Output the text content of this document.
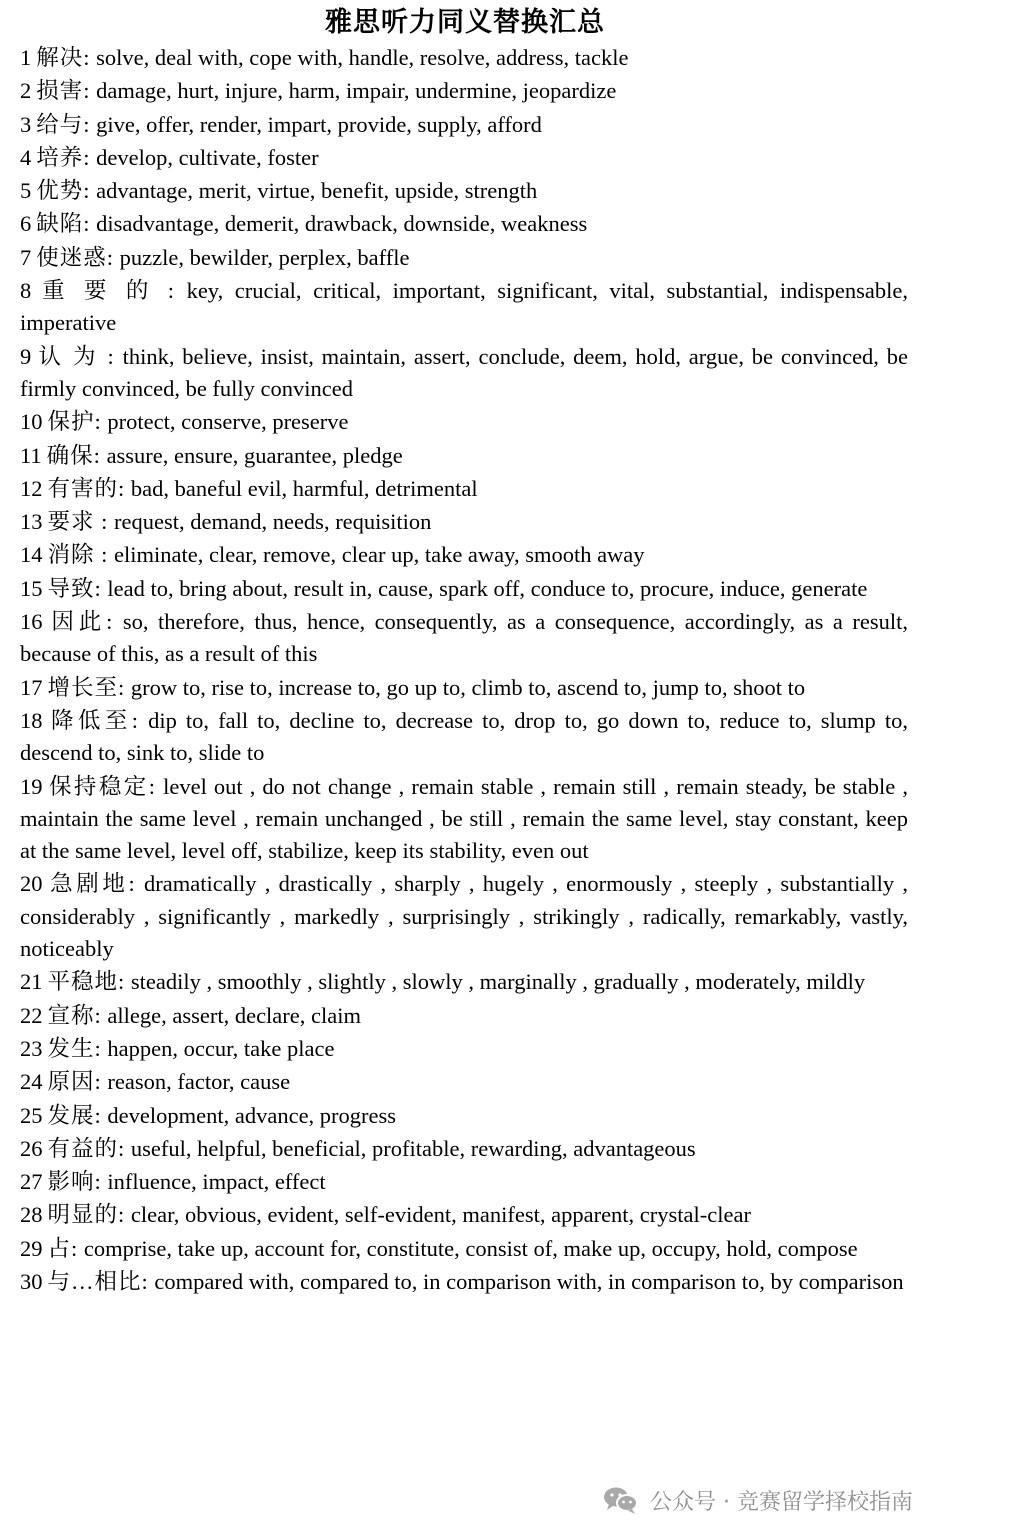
雅思听力同义替换汇总
1 解决: solve, deal with, cope with, handle, resolve, address, tackle
2 损害: damage, hurt, injure, harm, impair, undermine, jeopardize
3 给与: give, offer, render, impart, provide, supply, afford
4 培养: develop, cultivate, foster
5 优势: advantage, merit, virtue, benefit, upside, strength
6 缺陷: disadvantage, demerit, drawback, downside, weakness
7 使迷惑: puzzle, bewilder, perplex, baffle
8 重 要 的 : key, crucial, critical, important, significant, vital, substantial, indispensable, imperative
9 认 为 : think, believe, insist, maintain, assert, conclude, deem, hold, argue, be convinced, be firmly convinced, be fully convinced
10 保护: protect, conserve, preserve
11 确保: assure, ensure, guarantee, pledge
12 有害的: bad, baneful evil, harmful, detrimental
13 要求 : request, demand, needs, requisition
14 消除 : eliminate, clear, remove, clear up, take away, smooth away
15 导致: lead to, bring about, result in, cause, spark off, conduce to, procure, induce, generate
16 因此: so, therefore, thus, hence, consequently, as a consequence, accordingly, as a result, because of this, as a result of this
17 增长至: grow to, rise to, increase to, go up to, climb to, ascend to, jump to, shoot to
18 降低至: dip to, fall to, decline to, decrease to, drop to, go down to, reduce to, slump to, descend to, sink to, slide to
19 保持稳定: level out , do not change , remain stable , remain still , remain steady, be stable , maintain the same level , remain unchanged , be still , remain the same level, stay constant, keep at the same level, level off, stabilize, keep its stability, even out
20 急剧地: dramatically , drastically , sharply , hugely , enormously , steeply , substantially , considerably , significantly , markedly , surprisingly , strikingly , radically, remarkably, vastly, noticeably
21 平稳地: steadily , smoothly , slightly , slowly , marginally , gradually , moderately, mildly
22 宣称: allege, assert, declare, claim
23 发生: happen, occur, take place
24 原因: reason, factor, cause
25 发展: development, advance, progress
26 有益的: useful, helpful, beneficial, profitable, rewarding, advantageous
27 影响: influence, impact, effect
28 明显的: clear, obvious, evident, self-evident, manifest, apparent, crystal-clear
29 占: comprise, take up, account for, constitute, consist of, make up, occupy, hold, compose
30 与…相比: compared with, compared to, in comparison with, in comparison to, by comparison
公众号 · 竞赛留学择校指南
